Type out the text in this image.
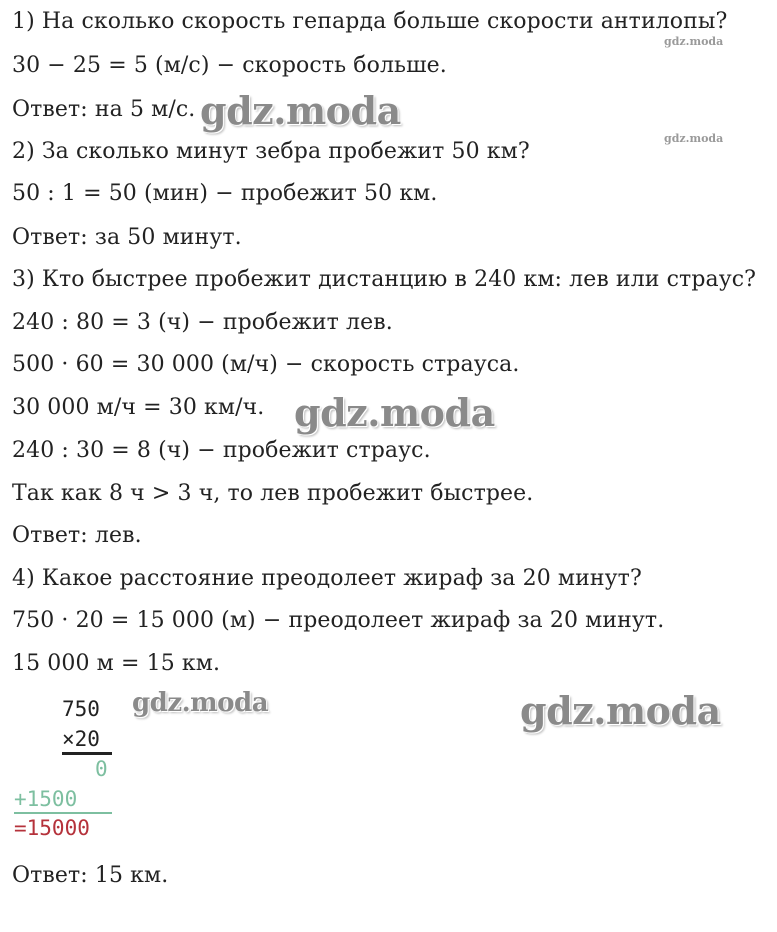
1) На сколько скорость гепарда больше скорости антилопы?
30 − 25 = 5 (м/с) − скорость больше.
Ответ: на 5 м/с.
2) За сколько минут зебра пробежит 50 км?
50 : 1 = 50 (мин) − пробежит 50 км.
Ответ: за 50 минут.
3) Кто быстрее пробежит дистанцию в 240 км: лев или страус?
240 : 80 = 3 (ч) − пробежит лев.
500 · 60 = 30 000 (м/ч) − скорость страуса.
30 000 м/ч = 30 км/ч.
240 : 30 = 8 (ч) − пробежит страус.
Так как 8 ч > 3 ч, то лев пробежит быстрее.
Ответ: лев.
4) Какое расстояние преодолеет жираф за 20 минут?
750 · 20 = 15 000 (м) − преодолеет жираф за 20 минут.
15 000 м = 15 км.
Ответ: 15 км.
750
×20
0
+1500
=15000
gdz.moda
gdz.moda
gdz.moda
gdz.moda
gdz.moda	gdz.moda
